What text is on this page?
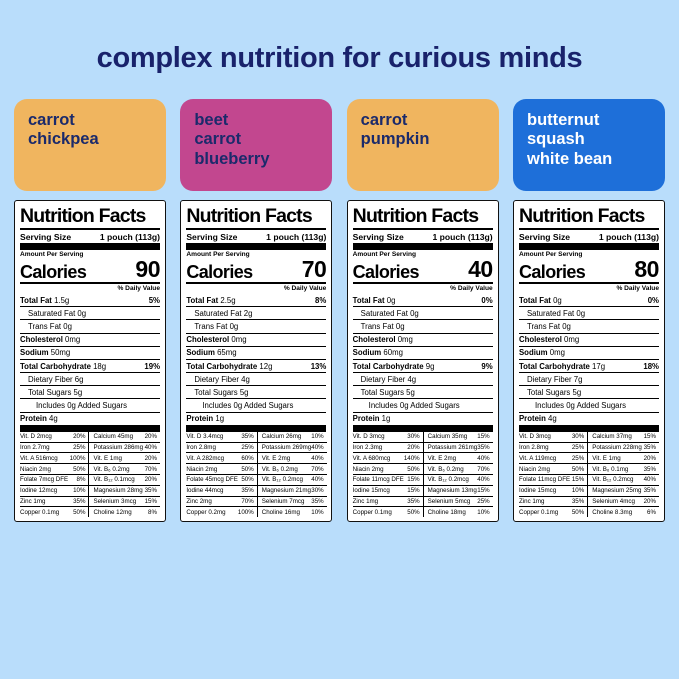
complex nutrition for curious minds
carrot
chickpea
beet
carrot
blueberry
carrot
pumpkin
butternut
squash
white bean
Nutrition Facts
Serving Size	1 pouch (113g)
Amount Per Serving
Calories 90
% Daily Value
Total Fat 1.5g	5%
Saturated Fat 0g
Trans Fat 0g
Cholesterol 0mg
Sodium 50mg
Total Carbohydrate 18g	19%
Dietary Fiber 6g
Total Sugars 5g
Includes 0g Added Sugars
Protein 4g
Vit. D 2mcg	20%	Calcium 45mg	20%
Iron 2.7mg	25%	Potassium 286mg	40%
Vit. A 516mcg	100%	Vit. E 1mg	20%
Niacin 2mg	50%	Vit. B₆ 0.2mg	70%
Folate 7mcg DFE	8%	Vit. B₁₂ 0.1mcg	20%
Iodine 12mcg	10%	Magnesium 28mg	35%
Zinc 1mg	35%	Selenium 3mcg	15%
Copper 0.1mg	50%	Choline 12mg	8%
Nutrition Facts
Serving Size	1 pouch (113g)
Amount Per Serving
Calories 70
% Daily Value
Total Fat 2.5g	8%
Saturated Fat 2g
Trans Fat 0g
Cholesterol 0mg
Sodium 65mg
Total Carbohydrate 12g	13%
Dietary Fiber 4g
Total Sugars 5g
Includes 0g Added Sugars
Protein 1g
Vit. D 3.4mcg	35%	Calcium 26mg	10%
Iron 2.8mg	25%	Potassium 269mg	40%
Vit. A 282mcg	60%	Vit. E 2mg	40%
Niacin 2mg	50%	Vit. B₆ 0.2mg	70%
Folate 45mcg DFE	50%	Vit. B₁₂ 0.2mcg	40%
Iodine 44mcg	35%	Magnesium 21mg	30%
Zinc 2mg	70%	Selenium 7mcg	35%
Copper 0.2mg	100%	Choline 16mg	10%
Nutrition Facts
Serving Size	1 pouch (113g)
Amount Per Serving
Calories 40
% Daily Value
Total Fat 0g	0%
Saturated Fat 0g
Trans Fat 0g
Cholesterol 0mg
Sodium 60mg
Total Carbohydrate 9g	9%
Dietary Fiber 4g
Total Sugars 5g
Includes 0g Added Sugars
Protein 1g
Vit. D 3mcg	30%	Calcium 35mg	15%
Iron 2.3mg	20%	Potassium 261mg	35%
Vit. A 680mcg	140%	Vit. E 2mg	40%
Niacin 2mg	50%	Vit. B₆ 0.2mg	70%
Folate 11mcg DFE	15%	Vit. B₁₂ 0.2mcg	40%
Iodine 15mcg	15%	Magnesium 13mg	15%
Zinc 1mg	35%	Selenium 5mcg	25%
Copper 0.1mg	50%	Choline 18mg	10%
Nutrition Facts
Serving Size	1 pouch (113g)
Amount Per Serving
Calories 80
% Daily Value
Total Fat 0g	0%
Saturated Fat 0g
Trans Fat 0g
Cholesterol 0mg
Sodium 0mg
Total Carbohydrate 17g	18%
Dietary Fiber 7g
Total Sugars 5g
Includes 0g Added Sugars
Protein 4g
Vit. D 3mcg	30%	Calcium 37mg	15%
Iron 2.8mg	25%	Potassium 228mg	35%
Vit. A 119mcg	25%	Vit. E 1mg	20%
Niacin 2mg	50%	Vit. B₆ 0.1mg	35%
Folate 11mcg DFE	15%	Vit. B₁₂ 0.2mcg	40%
Iodine 15mcg	10%	Magnesium 25mg	35%
Zinc 1mg	35%	Selenium 4mcg	20%
Copper 0.1mg	50%	Choline 8.3mg	6%
